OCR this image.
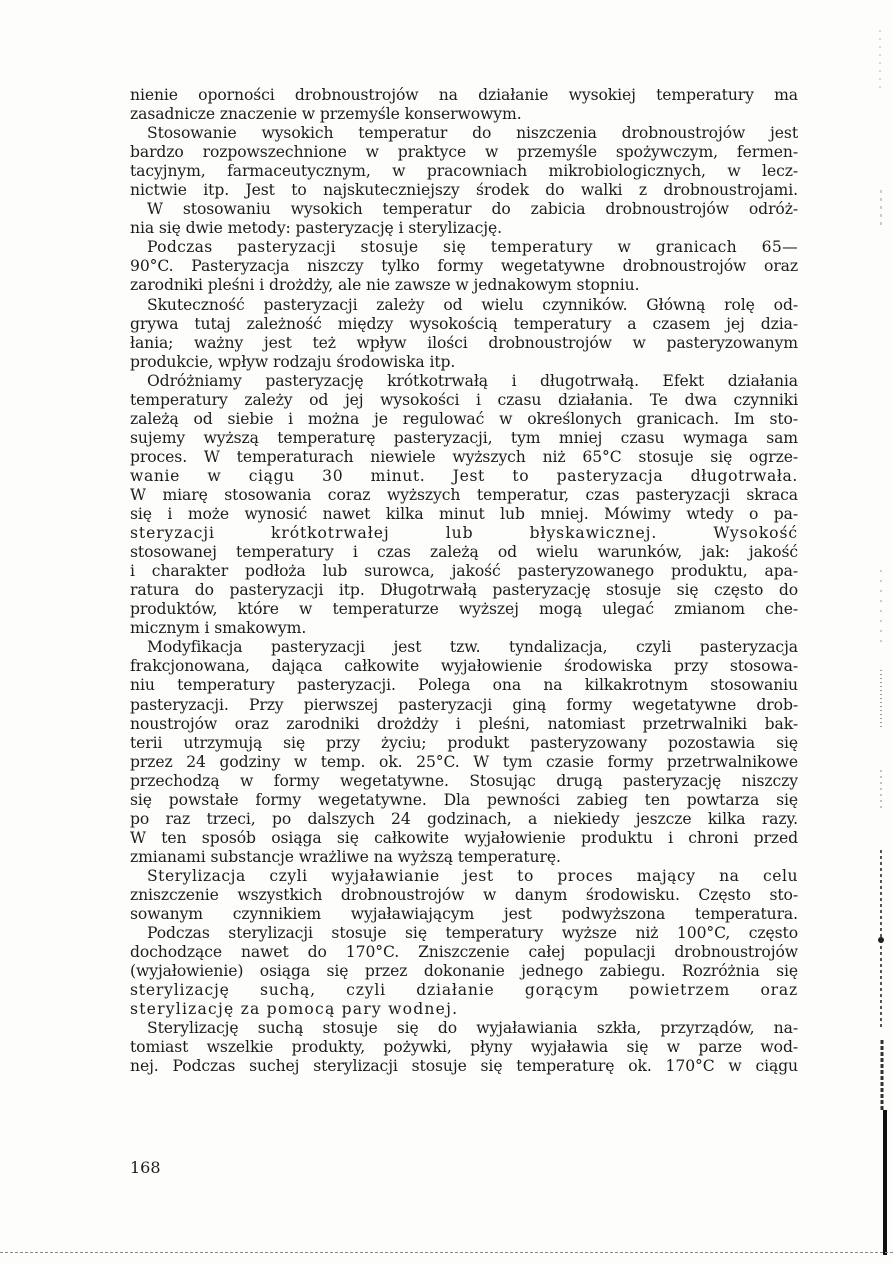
nienie oporności drobnoustrojów na działanie wysokiej temperatury ma
zasadnicze znaczenie w przemyśle konserwowym.
Stosowanie wysokich temperatur do niszczenia drobnoustrojów jest
bardzo rozpowszechnione w praktyce w przemyśle spożywczym, fermen-
tacyjnym, farmaceutycznym, w pracowniach mikrobiologicznych, w lecz-
nictwie itp. Jest to najskuteczniejszy środek do walki z drobnoustrojami.
W stosowaniu wysokich temperatur do zabicia drobnoustrojów odróż-
nia się dwie metody: pasteryzację i sterylizację.
Podczas pasteryzacji stosuje się temperatury w granicach 65—
90°C. Pasteryzacja niszczy tylko formy wegetatywne drobnoustrojów oraz
zarodniki pleśni i drożdży, ale nie zawsze w jednakowym stopniu.
Skuteczność pasteryzacji zależy od wielu czynników. Główną rolę od-
grywa tutaj zależność między wysokością temperatury a czasem jej dzia-
łania; ważny jest też wpływ ilości drobnoustrojów w pasteryzowanym
produkcie, wpływ rodzaju środowiska itp.
Odróżniamy pasteryzację krótkotrwałą i długotrwałą. Efekt działania
temperatury zależy od jej wysokości i czasu działania. Te dwa czynniki
zależą od siebie i można je regulować w określonych granicach. Im sto-
sujemy wyższą temperaturę pasteryzacji, tym mniej czasu wymaga sam
proces. W temperaturach niewiele wyższych niż 65°C stosuje się ogrze-
wanie w ciągu 30 minut. Jest to pasteryzacja długotrwała.
W miarę stosowania coraz wyższych temperatur, czas pasteryzacji skraca
się i może wynosić nawet kilka minut lub mniej. Mówimy wtedy o pa-
steryzacji krótkotrwałej lub błyskawicznej. Wysokość
stosowanej temperatury i czas zależą od wielu warunków, jak: jakość
i charakter podłoża lub surowca, jakość pasteryzowanego produktu, apa-
ratura do pasteryzacji itp. Długotrwałą pasteryzację stosuje się często do
produktów, które w temperaturze wyższej mogą ulegać zmianom che-
micznym i smakowym.
Modyfikacja pasteryzacji jest tzw. tyndalizacja, czyli pasteryzacja
frakcjonowana, dająca całkowite wyjałowienie środowiska przy stosowa-
niu temperatury pasteryzacji. Polega ona na kilkakrotnym stosowaniu
pasteryzacji. Przy pierwszej pasteryzacji giną formy wegetatywne drob-
noustrojów oraz zarodniki drożdży i pleśni, natomiast przetrwalniki bak-
terii utrzymują się przy życiu; produkt pasteryzowany pozostawia się
przez 24 godziny w temp. ok. 25°C. W tym czasie formy przetrwalnikowe
przechodzą w formy wegetatywne. Stosując drugą pasteryzację niszczy
się powstałe formy wegetatywne. Dla pewności zabieg ten powtarza się
po raz trzeci, po dalszych 24 godzinach, a niekiedy jeszcze kilka razy.
W ten sposób osiąga się całkowite wyjałowienie produktu i chroni przed
zmianami substancje wrażliwe na wyższą temperaturę.
Sterylizacja czyli wyjaławianie jest to proces mający na celu
zniszczenie wszystkich drobnoustrojów w danym środowisku. Często sto-
sowanym czynnikiem wyjaławiającym jest podwyższona temperatura.
Podczas sterylizacji stosuje się temperatury wyższe niż 100°C, często
dochodzące nawet do 170°C. Zniszczenie całej populacji drobnoustrojów
(wyjałowienie) osiąga się przez dokonanie jednego zabiegu. Rozróżnia się
sterylizację suchą, czyli działanie gorącym powietrzem oraz
sterylizację za pomocą pary wodnej.
Sterylizację suchą stosuje się do wyjaławiania szkła, przyrządów, na-
tomiast wszelkie produkty, pożywki, płyny wyjaławia się w parze wod-
nej. Podczas suchej sterylizacji stosuje się temperaturę ok. 170°C w ciągu
168
